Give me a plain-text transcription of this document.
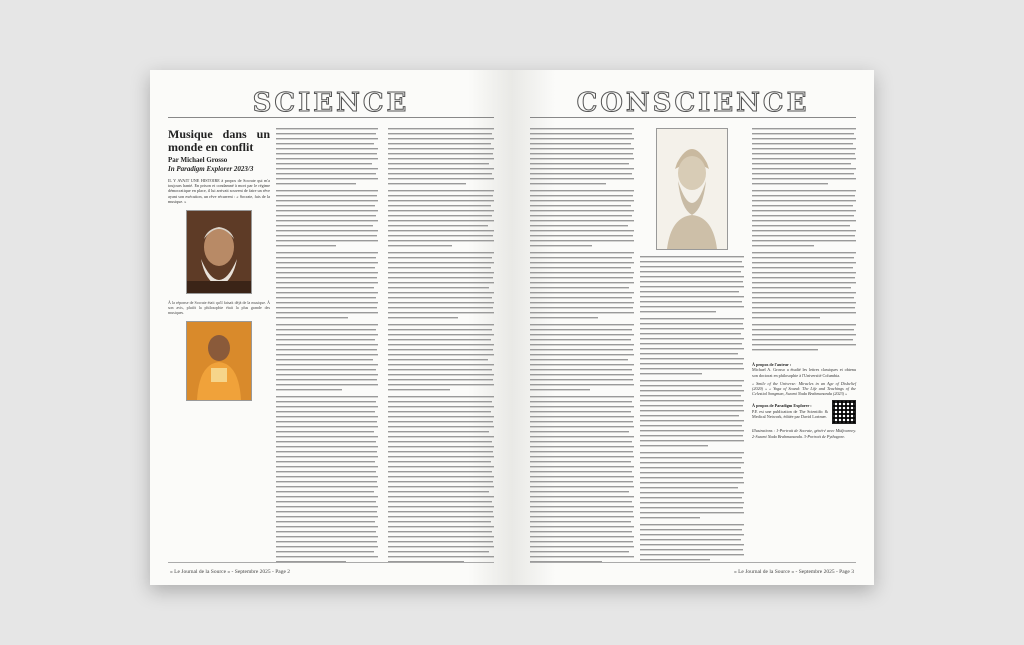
SCIENCE
Musique dans un monde en conflit
Par Michael Grosso
In Paradigm Explorer 2023/3
IL Y AVAIT UNE HISTOIRE à propos de Socrate qui m'a toujours hanté. En prison et condamné à mort par le régime démocratique en place, il lui arrivait souvent de faire un rêve ayant son exécution, un rêve récurrent : « Socrate, fais de la musique. »
À la réponse de Socrate était qu'il faisait déjà de la musique. À son avis, plutôt la philosophie était la plus grande des musiques.
« Le Journal de la Source » - Septembre 2025 - Page 2
CONSCIENCE
À propos de l'auteur :
Michael A. Grosso a étudié les lettres classiques et obtenu son doctorat en philosophie à l'Université Columbia.
« Smile of the Universe: Miracles in an Age of Disbelief (2020) » « Yoga of Sound: The Life and Teachings of the Celestial Songman, Swami Nada Brahmananda (2023) »
À propos de Paradigm Explorer :
P.E est une publication de The Scientific & Medical Network, éditée par David Lorimer.
Illustrations : 1-Portrait de Socrate, généré avec Midjourney. 2-Swami Nada Brahmananda. 3-Portrait de Pythagore.
« Le Journal de la Source » - Septembre 2025 - Page 3
